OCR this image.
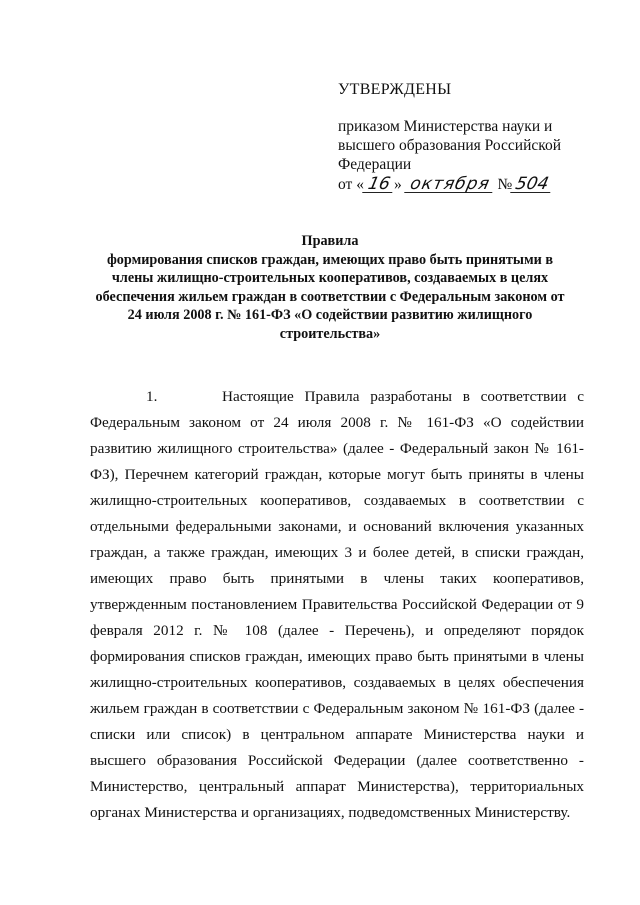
УТВЕРЖДЕНЫ
приказом Министерства науки и
высшего образования Российской
Федерации
от « 16 » октября № 504
Правила
формирования списков граждан, имеющих право быть принятыми в члены жилищно-строительных кооперативов, создаваемых в целях обеспечения жильем граждан в соответствии с Федеральным законом от 24 июля 2008 г. № 161-ФЗ «О содействии развитию жилищного строительства»

1.	Настоящие Правила разработаны в соответствии с Федеральным законом от 24 июля 2008 г. № 161-ФЗ «О содействии развитию жилищного строительства» (далее - Федеральный закон № 161-ФЗ), Перечнем категорий граждан, которые могут быть приняты в члены жилищно-строительных кооперативов, создаваемых в соответствии с отдельными федеральными законами, и оснований включения указанных граждан, а также граждан, имеющих 3 и более детей, в списки граждан, имеющих право быть принятыми в члены таких кооперативов, утвержденным постановлением Правительства Российской Федерации от 9 февраля 2012 г. № 108 (далее - Перечень), и определяют порядок формирования списков граждан, имеющих право быть принятыми в члены жилищно-строительных кооперативов, создаваемых в целях обеспечения жильем граждан в соответствии с Федеральным законом № 161-ФЗ (далее - списки или список) в центральном аппарате Министерства науки и высшего образования Российской Федерации (далее соответственно - Министерство, центральный аппарат Министерства), территориальных органах Министерства и организациях, подведомственных Министерству.
